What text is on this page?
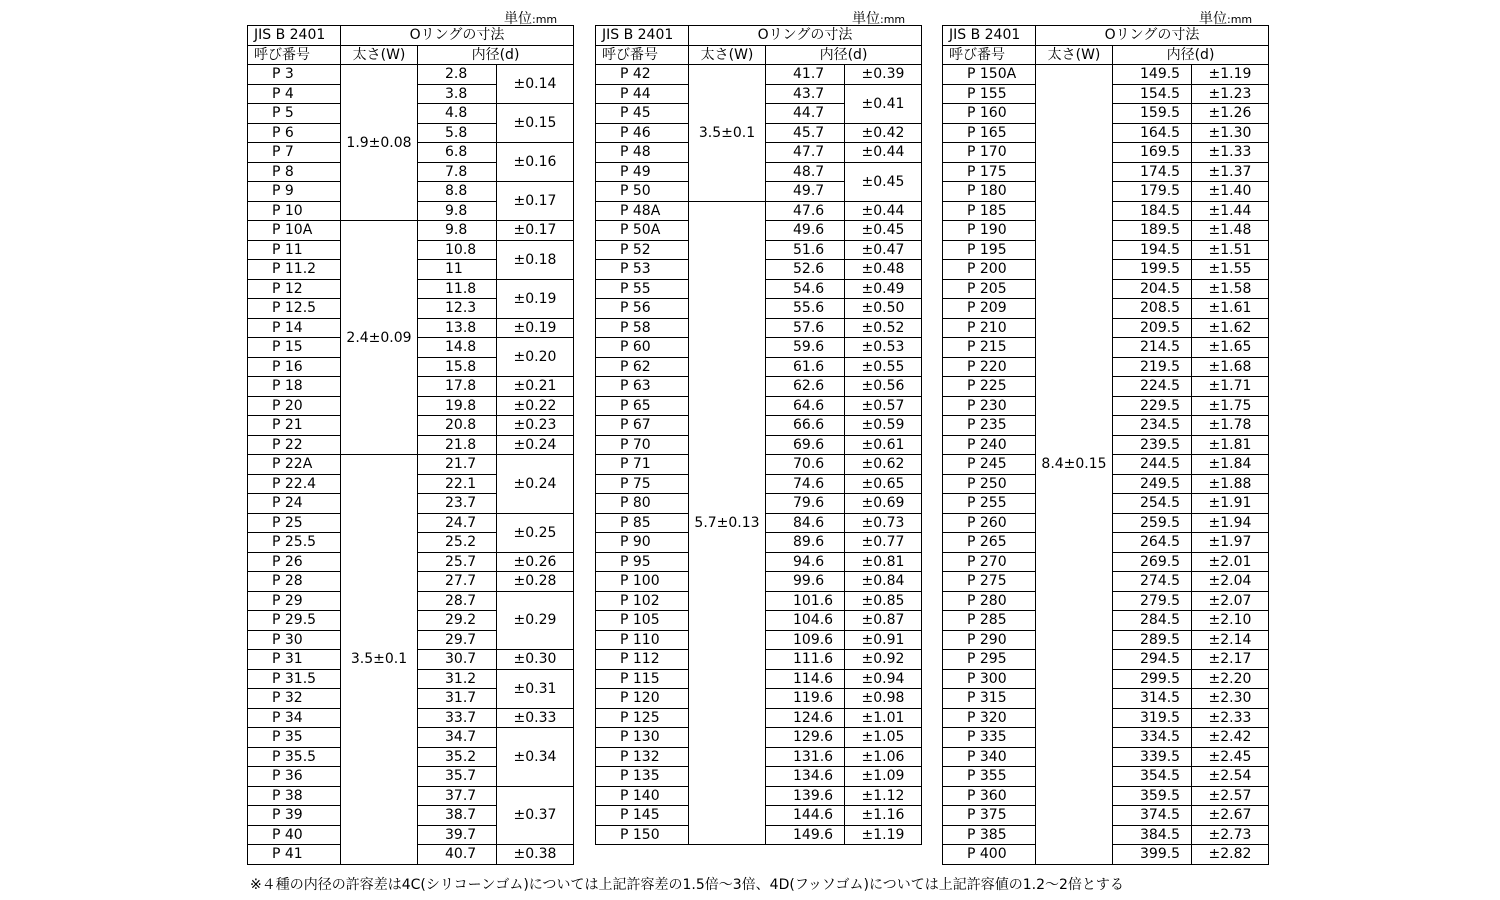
単位:mm	単位:mm	単位:mm
JIS B 2401	Oリングの寸法		
呼び番号	太さ(W)	内径(d)	
P 3	1.9±0.08	2.8	±0.14
P 4		3.8	
P 5		4.8	±0.15
P 6		5.8	
P 7		6.8	±0.16
P 8		7.8	
P 9		8.8	±0.17
P 10		9.8	
P 10A	2.4±0.09	9.8	±0.17
P 11		10.8	±0.18
P 11.2		11	
P 12		11.8	±0.19
P 12.5		12.3	
P 14		13.8	±0.19
P 15		14.8	±0.20
P 16		15.8	
P 18		17.8	±0.21
P 20		19.8	±0.22
P 21		20.8	±0.23
P 22		21.8	±0.24
P 22A	3.5±0.1	21.7	±0.24
P 22.4		22.1	
P 24		23.7	
P 25		24.7	±0.25
P 25.5		25.2	
P 26		25.7	±0.26
P 28		27.7	±0.28
P 29		28.7	±0.29
P 29.5		29.2	
P 30		29.7	
P 31		30.7	±0.30
P 31.5		31.2	±0.31
P 32		31.7	
P 34		33.7	±0.33
P 35		34.7	±0.34
P 35.5		35.2	
P 36		35.7	
P 38		37.7	±0.37
P 39		38.7	
P 40		39.7	
P 41		40.7	±0.38
JIS B 2401	Oリングの寸法		
呼び番号	太さ(W)	内径(d)	
P 42	3.5±0.1	41.7	±0.39
P 44		43.7	±0.41
P 45		44.7	
P 46		45.7	±0.42
P 48		47.7	±0.44
P 49		48.7	±0.45
P 50		49.7	
P 48A	5.7±0.13	47.6	±0.44
P 50A		49.6	±0.45
P 52		51.6	±0.47
P 53		52.6	±0.48
P 55		54.6	±0.49
P 56		55.6	±0.50
P 58		57.6	±0.52
P 60		59.6	±0.53
P 62		61.6	±0.55
P 63		62.6	±0.56
P 65		64.6	±0.57
P 67		66.6	±0.59
P 70		69.6	±0.61
P 71		70.6	±0.62
P 75		74.6	±0.65
P 80		79.6	±0.69
P 85		84.6	±0.73
P 90		89.6	±0.77
P 95		94.6	±0.81
P 100		99.6	±0.84
P 102		101.6	±0.85
P 105		104.6	±0.87
P 110		109.6	±0.91
P 112		111.6	±0.92
P 115		114.6	±0.94
P 120		119.6	±0.98
P 125		124.6	±1.01
P 130		129.6	±1.05
P 132		131.6	±1.06
P 135		134.6	±1.09
P 140		139.6	±1.12
P 145		144.6	±1.16
P 150		149.6	±1.19
JIS B 2401	Oリングの寸法		
呼び番号	太さ(W)	内径(d)	
P 150A	8.4±0.15	149.5	±1.19
P 155		154.5	±1.23
P 160		159.5	±1.26
P 165		164.5	±1.30
P 170		169.5	±1.33
P 175		174.5	±1.37
P 180		179.5	±1.40
P 185		184.5	±1.44
P 190		189.5	±1.48
P 195		194.5	±1.51
P 200		199.5	±1.55
P 205		204.5	±1.58
P 209		208.5	±1.61
P 210		209.5	±1.62
P 215		214.5	±1.65
P 220		219.5	±1.68
P 225		224.5	±1.71
P 230		229.5	±1.75
P 235		234.5	±1.78
P 240		239.5	±1.81
P 245		244.5	±1.84
P 250		249.5	±1.88
P 255		254.5	±1.91
P 260		259.5	±1.94
P 265		264.5	±1.97
P 270		269.5	±2.01
P 275		274.5	±2.04
P 280		279.5	±2.07
P 285		284.5	±2.10
P 290		289.5	±2.14
P 295		294.5	±2.17
P 300		299.5	±2.20
P 315		314.5	±2.30
P 320		319.5	±2.33
P 335		334.5	±2.42
P 340		339.5	±2.45
P 355		354.5	±2.54
P 360		359.5	±2.57
P 375		374.5	±2.67
P 385		384.5	±2.73
P 400		399.5	±2.82
※４種の内径の許容差は4C(シリコーンゴム)については上記許容差の1.5倍～3倍、4D(フッソゴム)については上記許容値の1.2～2倍とする
